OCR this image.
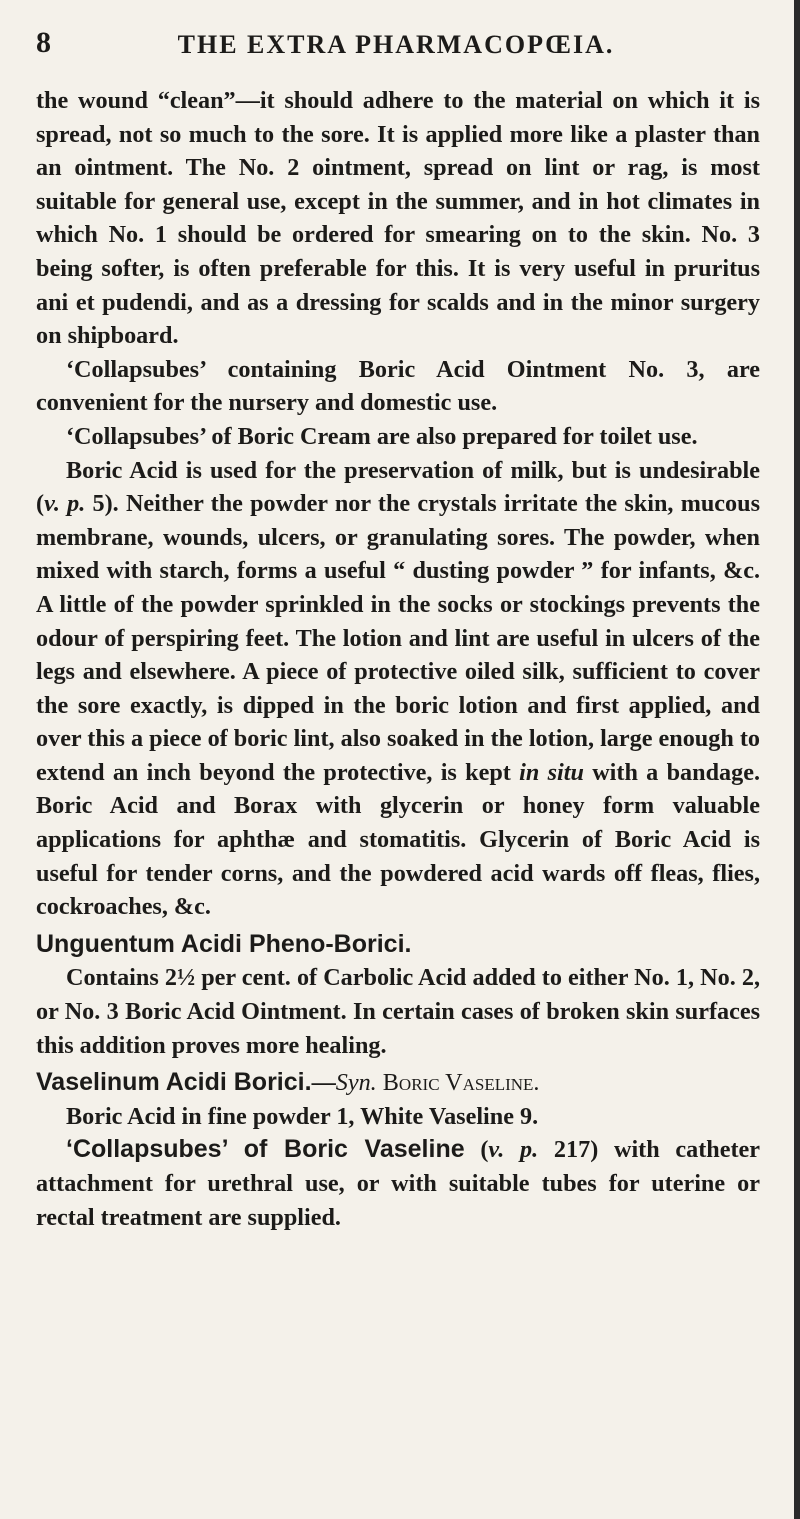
8	THE EXTRA PHARMACOPŒIA.

the wound “clean”—it should adhere to the material on which it is spread, not so much to the sore. It is applied more like a plaster than an ointment. The No. 2 ointment, spread on lint or rag, is most suitable for general use, except in the summer, and in hot climates in which No. 1 should be ordered for smearing on to the skin. No. 3 being softer, is often preferable for this. It is very useful in pruritus ani et pudendi, and as a dressing for scalds and in the minor surgery on shipboard.

‘Collapsubes’ containing Boric Acid Ointment No. 3, are convenient for the nursery and domestic use.

‘Collapsubes’ of Boric Cream are also prepared for toilet use.

Boric Acid is used for the preservation of milk, but is undesirable (v. p. 5). Neither the powder nor the crystals irritate the skin, mucous membrane, wounds, ulcers, or granulating sores. The powder, when mixed with starch, forms a useful “ dusting powder ” for infants, &c. A little of the powder sprinkled in the socks or stockings prevents the odour of perspiring feet. The lotion and lint are useful in ulcers of the legs and elsewhere. A piece of protective oiled silk, sufficient to cover the sore exactly, is dipped in the boric lotion and first applied, and over this a piece of boric lint, also soaked in the lotion, large enough to extend an inch beyond the protective, is kept in situ with a bandage. Boric Acid and Borax with glycerin or honey form valuable applications for aphthæ and stomatitis. Glycerin of Boric Acid is useful for tender corns, and the powdered acid wards off fleas, flies, cockroaches, &c.

Unguentum Acidi Pheno-Borici.

Contains 2½ per cent. of Carbolic Acid added to either No. 1, No. 2, or No. 3 Boric Acid Ointment. In certain cases of broken skin surfaces this addition proves more healing.

Vaselinum Acidi Borici.—Syn. Boric Vaseline.

Boric Acid in fine powder 1, White Vaseline 9.

‘Collapsubes’ of Boric Vaseline (v. p. 217) with catheter attachment for urethral use, or with suitable tubes for uterine or rectal treatment are supplied.
